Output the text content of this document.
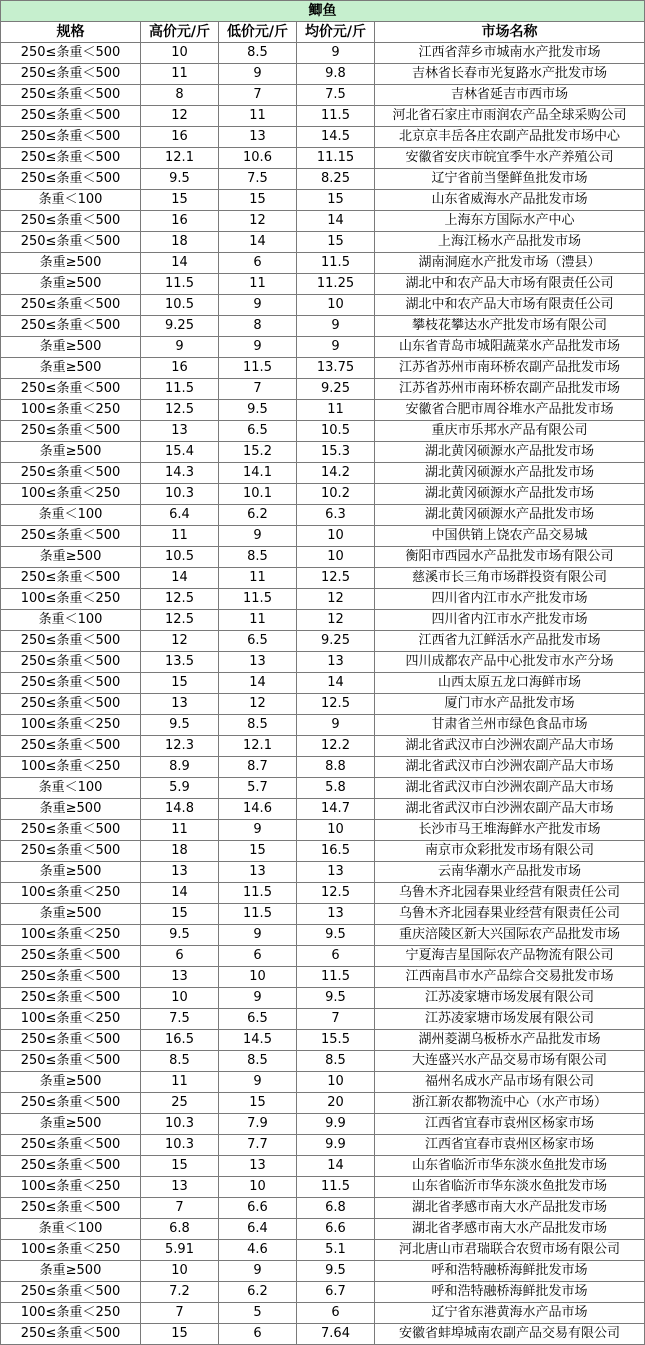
鲫鱼				
规格	高价元/斤	低价元/斤	均价元/斤	市场名称
250≤条重＜500	10	8.5	9	江西省萍乡市城南水产批发市场
250≤条重＜500	11	9	9.8	吉林省长春市光复路水产批发市场
250≤条重＜500	8	7	7.5	吉林省延吉市西市场
250≤条重＜500	12	11	11.5	河北省石家庄市雨润农产品全球采购公司
250≤条重＜500	16	13	14.5	北京京丰岳各庄农副产品批发市场中心
250≤条重＜500	12.1	10.6	11.15	安徽省安庆市皖宜季牛水产养殖公司
250≤条重＜500	9.5	7.5	8.25	辽宁省前当堡鲜鱼批发市场
条重＜100	15	15	15	山东省威海水产品批发市场
250≤条重＜500	16	12	14	上海东方国际水产中心
250≤条重＜500	18	14	15	上海江杨水产品批发市场
条重≥500	14	6	11.5	湖南洞庭水产批发市场（澧县）
条重≥500	11.5	11	11.25	湖北中和农产品大市场有限责任公司
250≤条重＜500	10.5	9	10	湖北中和农产品大市场有限责任公司
250≤条重＜500	9.25	8	9	攀枝花攀达水产批发市场有限公司
条重≥500	9	9	9	山东省青岛市城阳蔬菜水产品批发市场
条重≥500	16	11.5	13.75	江苏省苏州市南环桥农副产品批发市场
250≤条重＜500	11.5	7	9.25	江苏省苏州市南环桥农副产品批发市场
100≤条重＜250	12.5	9.5	11	安徽省合肥市周谷堆水产品批发市场
250≤条重＜500	13	6.5	10.5	重庆市乐邦水产品有限公司
条重≥500	15.4	15.2	15.3	湖北黄冈硕源水产品批发市场
250≤条重＜500	14.3	14.1	14.2	湖北黄冈硕源水产品批发市场
100≤条重＜250	10.3	10.1	10.2	湖北黄冈硕源水产品批发市场
条重＜100	6.4	6.2	6.3	湖北黄冈硕源水产品批发市场
250≤条重＜500	11	9	10	中国供销上饶农产品交易城
条重≥500	10.5	8.5	10	衡阳市西园水产品批发市场有限公司
250≤条重＜500	14	11	12.5	慈溪市长三角市场群投资有限公司
100≤条重＜250	12.5	11.5	12	四川省内江市水产批发市场
条重＜100	12.5	11	12	四川省内江市水产批发市场
250≤条重＜500	12	6.5	9.25	江西省九江鲜活水产品批发市场
250≤条重＜500	13.5	13	13	四川成都农产品中心批发市水产分场
250≤条重＜500	15	14	14	山西太原五龙口海鲜市场
250≤条重＜500	13	12	12.5	厦门市水产品批发市场
100≤条重＜250	9.5	8.5	9	甘肃省兰州市绿色食品市场
250≤条重＜500	12.3	12.1	12.2	湖北省武汉市白沙洲农副产品大市场
100≤条重＜250	8.9	8.7	8.8	湖北省武汉市白沙洲农副产品大市场
条重＜100	5.9	5.7	5.8	湖北省武汉市白沙洲农副产品大市场
条重≥500	14.8	14.6	14.7	湖北省武汉市白沙洲农副产品大市场
250≤条重＜500	11	9	10	长沙市马王堆海鲜水产批发市场
250≤条重＜500	18	15	16.5	南京市众彩批发市场有限公司
条重≥500	13	13	13	云南华潮水产品批发市场
100≤条重＜250	14	11.5	12.5	乌鲁木齐北园春果业经营有限责任公司
条重≥500	15	11.5	13	乌鲁木齐北园春果业经营有限责任公司
100≤条重＜250	9.5	9	9.5	重庆涪陵区新大兴国际农产品批发市场
250≤条重＜500	6	6	6	宁夏海吉星国际农产品物流有限公司
250≤条重＜500	13	10	11.5	江西南昌市水产品综合交易批发市场
250≤条重＜500	10	9	9.5	江苏凌家塘市场发展有限公司
100≤条重＜250	7.5	6.5	7	江苏凌家塘市场发展有限公司
250≤条重＜500	16.5	14.5	15.5	湖州菱湖乌板桥水产品批发市场
250≤条重＜500	8.5	8.5	8.5	大连盛兴水产品交易市场有限公司
条重≥500	11	9	10	福州名成水产品市场有限公司
250≤条重＜500	25	15	20	浙江新农都物流中心（水产市场）
条重≥500	10.3	7.9	9.9	江西省宜春市袁州区杨家市场
250≤条重＜500	10.3	7.7	9.9	江西省宜春市袁州区杨家市场
250≤条重＜500	15	13	14	山东省临沂市华东淡水鱼批发市场
100≤条重＜250	13	10	11.5	山东省临沂市华东淡水鱼批发市场
250≤条重＜500	7	6.6	6.8	湖北省孝感市南大水产品批发市场
条重＜100	6.8	6.4	6.6	湖北省孝感市南大水产品批发市场
100≤条重＜250	5.91	4.6	5.1	河北唐山市君瑞联合农贸市场有限公司
条重≥500	10	9	9.5	呼和浩特融桥海鲜批发市场
250≤条重＜500	7.2	6.2	6.7	呼和浩特融桥海鲜批发市场
100≤条重＜250	7	5	6	辽宁省东港黄海水产品市场
250≤条重＜500	15	6	7.64	安徽省蚌埠城南农副产品交易有限公司
